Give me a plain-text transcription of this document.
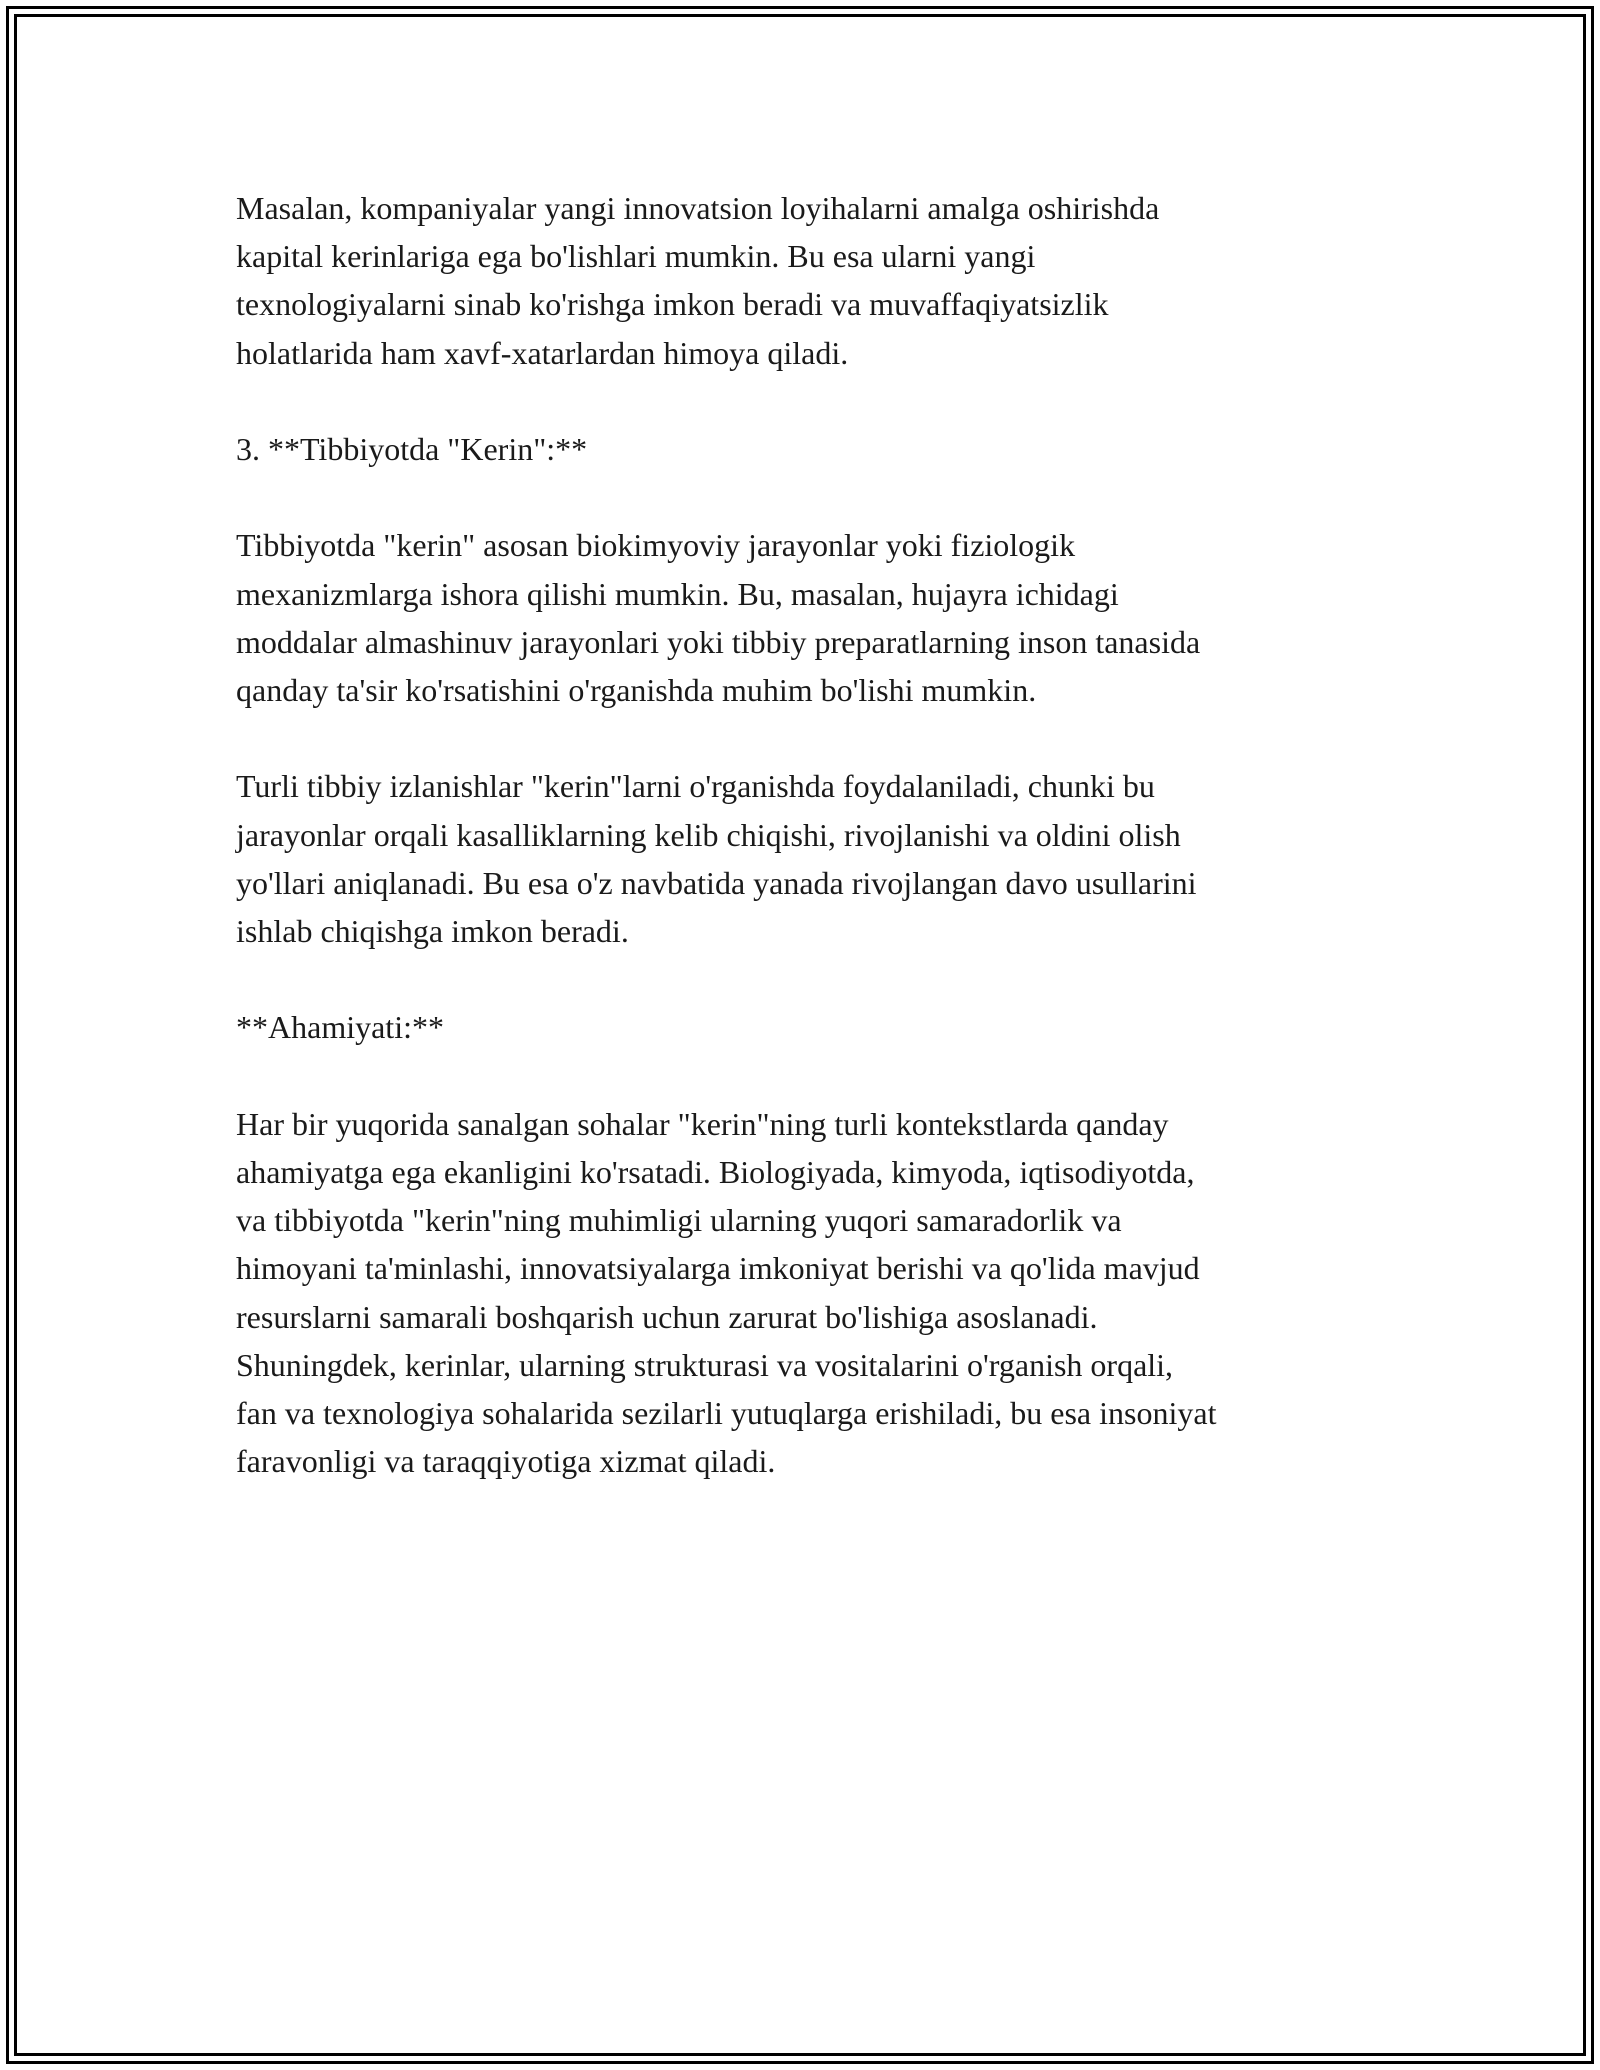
Masalan, kompaniyalar yangi innovatsion loyihalarni amalga oshirishda
kapital kerinlariga ega bo'lishlari mumkin. Bu esa ularni yangi
texnologiyalarni sinab ko'rishga imkon beradi va muvaffaqiyatsizlik
holatlarida ham xavf-xatarlardan himoya qiladi.

3. **Tibbiyotda "Kerin":**

Tibbiyotda "kerin" asosan biokimyoviy jarayonlar yoki fiziologik
mexanizmlarga ishora qilishi mumkin. Bu, masalan, hujayra ichidagi
moddalar almashinuv jarayonlari yoki tibbiy preparatlarning inson tanasida
qanday ta'sir ko'rsatishini o'rganishda muhim bo'lishi mumkin.

Turli tibbiy izlanishlar "kerin"larni o'rganishda foydalaniladi, chunki bu
jarayonlar orqali kasalliklarning kelib chiqishi, rivojlanishi va oldini olish
yo'llari aniqlanadi. Bu esa o'z navbatida yanada rivojlangan davo usullarini
ishlab chiqishga imkon beradi.

**Ahamiyati:**

Har bir yuqorida sanalgan sohalar "kerin"ning turli kontekstlarda qanday
ahamiyatga ega ekanligini ko'rsatadi. Biologiyada, kimyoda, iqtisodiyotda,
va tibbiyotda "kerin"ning muhimligi ularning yuqori samaradorlik va
himoyani ta'minlashi, innovatsiyalarga imkoniyat berishi va qo'lida mavjud
resurslarni samarali boshqarish uchun zarurat bo'lishiga asoslanadi.
Shuningdek, kerinlar, ularning strukturasi va vositalarini o'rganish orqali,
fan va texnologiya sohalarida sezilarli yutuqlarga erishiladi, bu esa insoniyat
faravonligi va taraqqiyotiga xizmat qiladi.
